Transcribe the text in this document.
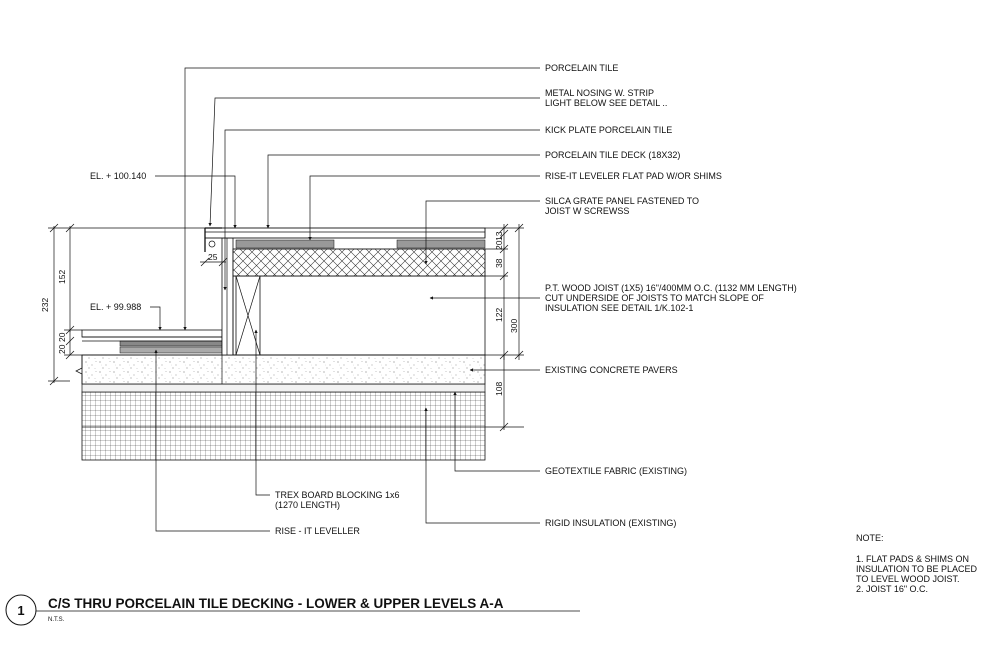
232
152
20
20
25
13
20
38
122
300
108
EL. + 100.140
EL. + 99.988
PORCELAIN TILE
METAL NOSING W. STRIP LIGHT BELOW SEE DETAIL ..
KICK PLATE PORCELAIN TILE
PORCELAIN TILE DECK (18X32)
RISE-IT LEVELER FLAT PAD W/OR SHIMS
SILCA GRATE PANEL FASTENED TO JOIST W SCREWSS
P.T. WOOD JOIST (1X5) 16"/400MM O.C. (1132 MM LENGTH) CUT UNDERSIDE OF JOISTS TO MATCH SLOPE OF INSULATION SEE DETAIL 1/K.102-1
EXISTING CONCRETE PAVERS
GEOTEXTILE FABRIC (EXISTING)
RIGID INSULATION (EXISTING)
TREX BOARD BLOCKING 1x6 (1270 LENGTH)
RISE - IT LEVELLER
NOTE:
1. FLAT PADS & SHIMS ON INSULATION TO BE PLACED TO LEVEL WOOD JOIST. 2. JOIST 16" O.C.
1 C/S THRU PORCELAIN TILE DECKING - LOWER & UPPER LEVELS A-A
N.T.S.
